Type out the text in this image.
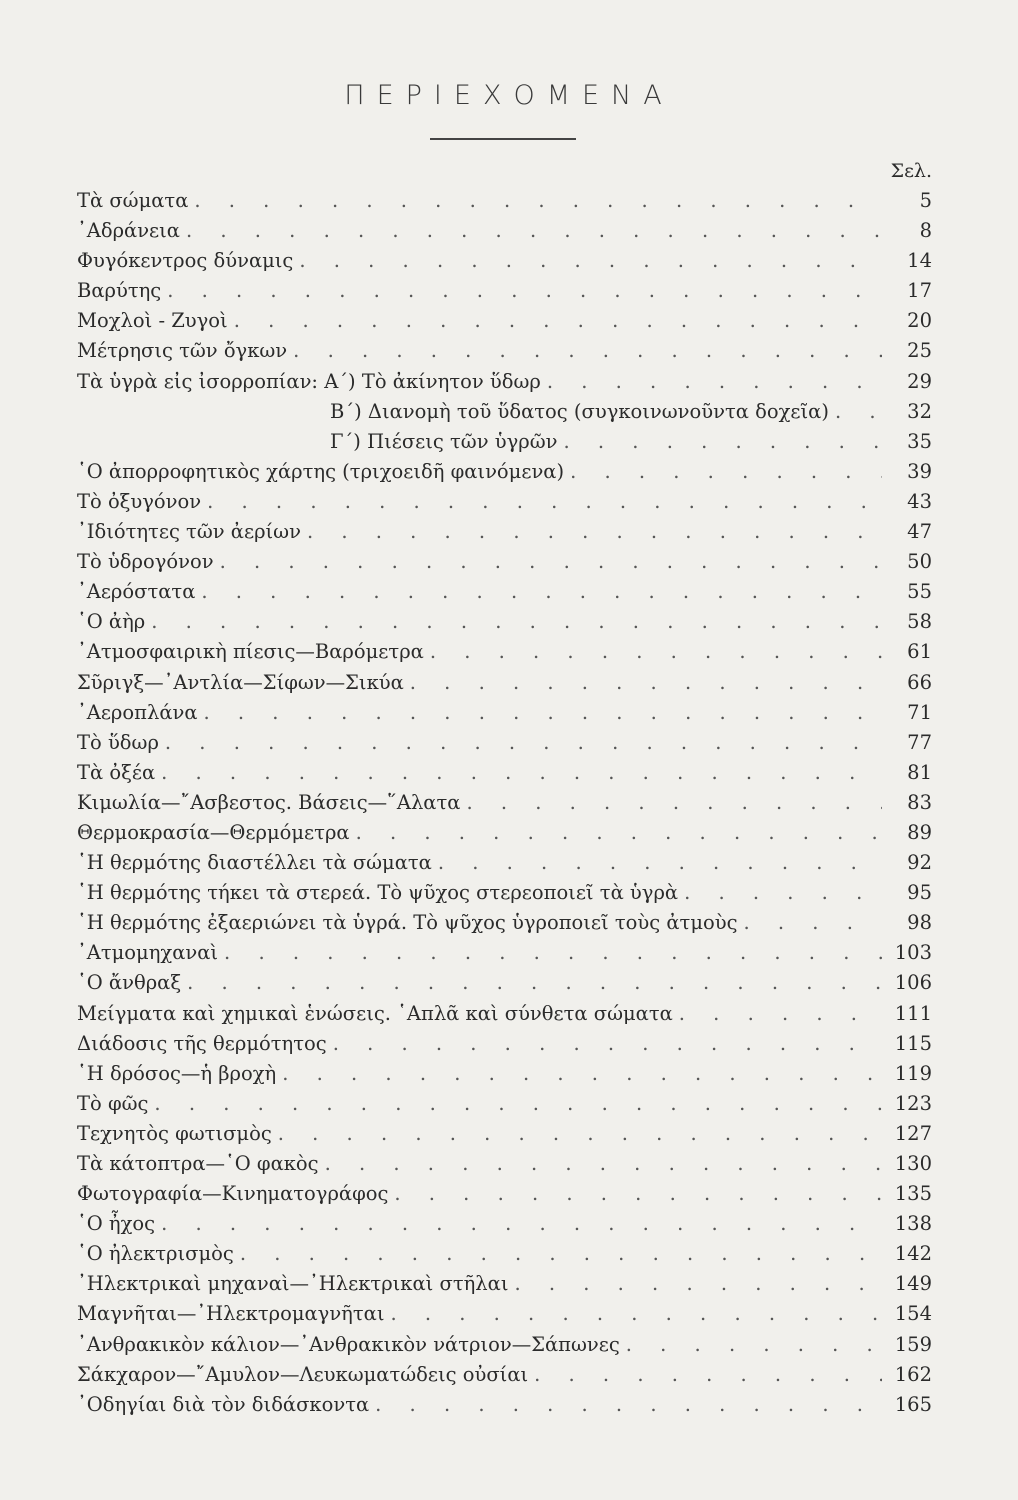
ΠΕΡΙΕΧΟΜΕΝΑ
Σελ.
Τὰ σώματα . . .	5
᾿Αδράνεια . . .	8
Φυγόκεντρος δύναμις . . .	14
Βαρύτης . . .	17
Μοχλοὶ - Ζυγοὶ . . .	20
Μέτρησις τῶν ὄγκων . . .	25
Τὰ ὑγρὰ εἰς ἰσορροπίαν: Α΄) Τὸ ἀκίνητον ὕδωρ . . .	29
Β΄) Διανομὴ τοῦ ὕδατος (συγκοινωνοῦντα δοχεῖα) . . .	32
Γ΄) Πιέσεις τῶν ὑγρῶν . . .	35
῾Ο ἀπορροφητικὸς χάρτης (τριχοειδῆ φαινόμενα) . . .	39
Τὸ ὀξυγόνον . . .	43
᾿Ιδιότητες τῶν ἀερίων . . .	47
Τὸ ὑδρογόνον . . .	50
᾿Αερόστατα . . .	55
῾Ο ἀὴρ . . .	58
᾿Ατμοσφαιρικὴ πίεσις—Βαρόμετρα . . .	61
Σῦριγξ—᾿Αντλία—Σίφων—Σικύα . . .	66
᾿Αεροπλάνα . . .	71
Τὸ ὕδωρ . . .	77
Τὰ ὀξέα . . .	81
Κιμωλία—῎Ασβεστος. Βάσεις—῞Αλατα . . .	83
Θερμοκρασία—Θερμόμετρα . . .	89
῾Η θερμότης διαστέλλει τὰ σώματα . . .	92
῾Η θερμότης τήκει τὰ στερεά. Τὸ ψῦχος στερεοποιεῖ τὰ ὑγρὰ . . .	95
῾Η θερμότης ἐξαεριώνει τὰ ὑγρά. Τὸ ψῦχος ὑγροποιεῖ τοὺς ἀτμοὺς . . .	98
᾿Ατμομηχαναὶ . . .	103
῾Ο ἄνθραξ . . .	106
Μείγματα καὶ χημικαὶ ἑνώσεις. ῾Απλᾶ καὶ σύνθετα σώματα . . .	111
Διάδοσις τῆς θερμότητος . . .	115
῾Η δρόσος—ἡ βροχὴ . . .	119
Τὸ φῶς . . .	123
Τεχνητὸς φωτισμὸς . . .	127
Τὰ κάτοπτρα—῾Ο φακὸς . . .	130
Φωτογραφία—Κινηματογράφος . . .	135
῾Ο ἦχος . . .	138
῾Ο ἠλεκτρισμὸς . . .	142
᾿Ηλεκτρικαὶ μηχαναὶ—᾿Ηλεκτρικαὶ στῆλαι . . .	149
Μαγνῆται—᾿Ηλεκτρομαγνῆται . . .	154
᾿Ανθρακικὸν κάλιον—᾿Ανθρακικὸν νάτριον—Σάπωνες . . .	159
Σάκχαρον—῎Αμυλον—Λευκωματώδεις οὐσίαι . . .	162
᾿Οδηγίαι διὰ τὸν διδάσκοντα . . .	165
